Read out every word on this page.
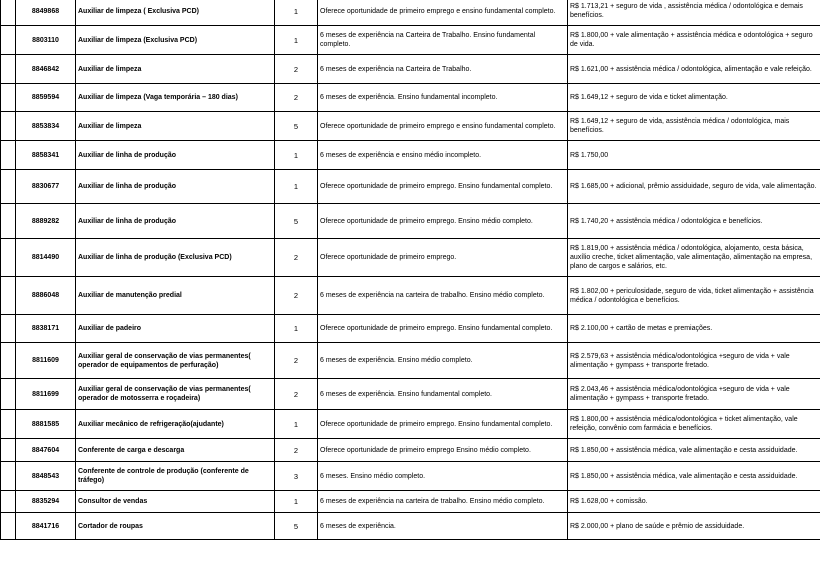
	8849868	Auxiliar de limpeza ( Exclusiva PCD)	1	Oferece oportunidade de primeiro emprego e ensino fundamental completo.	R$ 1.713,21 + seguro de vida , assistência médica / odontológica e demais benefícios.
	8803110	Auxiliar de limpeza (Exclusiva PCD)	1	6 meses de experiência na Carteira de Trabalho. Ensino fundamental completo.	R$ 1.800,00 + vale alimentação + assistência médica e odontológica + seguro de vida.
	8846842	Auxiliar de limpeza	2	6 meses de experiência na Carteira de Trabalho.	R$ 1.621,00 + assistência médica / odontológica, alimentação e vale refeição.
	8859594	Auxiliar de limpeza (Vaga temporária – 180 dias)	2	6 meses de experiência. Ensino fundamental incompleto.	R$ 1.649,12 + seguro de vida e ticket alimentação.
	8853834	Auxiliar de limpeza	5	Oferece oportunidade de primeiro emprego e ensino fundamental completo.	R$ 1.649,12 + seguro de vida, assistência médica / odontológica, mais benefícios.
	8858341	Auxiliar de linha de produção	1	6 meses de experiência e ensino médio incompleto.	R$ 1.750,00
	8830677	Auxiliar de linha de produção	1	Oferece oportunidade de primeiro emprego. Ensino fundamental completo.	R$ 1.685,00 + adicional, prêmio assiduidade, seguro de vida, vale alimentação.
	8889282	Auxiliar de linha de produção	5	Oferece oportunidade de primeiro emprego. Ensino médio completo.	R$ 1.740,20 + assistência médica / odontológica e benefícios.
	8814490	Auxiliar de linha de produção (Exclusiva PCD)	2	Oferece oportunidade de primeiro emprego.	R$ 1.819,00 + assistência médica / odontológica, alojamento, cesta básica, auxílio creche, ticket alimentação, vale alimentação, alimentação na empresa, plano de cargos e salários, etc.
	8886048	Auxiliar de manutenção predial	2	6 meses de experiência na carteira de trabalho. Ensino médio completo.	R$ 1.802,00 + periculosidade, seguro de vida, ticket alimentação + assistência médica / odontológica e benefícios.
	8838171	Auxiliar de padeiro	1	Oferece oportunidade de primeiro emprego. Ensino fundamental completo.	R$ 2.100,00 + cartão de metas e premiações.
	8811609	Auxiliar geral de conservação de vias permanentes( operador de equipamentos de perfuração)	2	6 meses de experiência. Ensino médio completo.	R$ 2.579,63 + assistência médica/odontológica +seguro de vida + vale alimentação + gympass + transporte fretado.
	8811699	Auxiliar geral de conservação de vias permanentes( operador de motosserra e roçadeira)	2	6 meses de experiência. Ensino fundamental completo.	R$ 2.043,46 + assistência médica/odontológica +seguro de vida + vale alimentação + gympass + transporte fretado.
	8881585	Auxiliar mecânico de refrigeração(ajudante)	1	Oferece oportunidade de primeiro emprego. Ensino fundamental completo.	R$ 1.800,00 + assistência médica/odontológica + ticket alimentação, vale refeição, convênio com farmácia e benefícios.
	8847604	Conferente de carga e descarga	2	Oferece oportunidade de primeiro emprego Ensino médio completo.	R$ 1.850,00 + assistência médica, vale alimentação e cesta assiduidade.
	8848543	Conferente de controle de produção (conferente de tráfego)	3	6 meses. Ensino médio completo.	R$ 1.850,00 + assistência médica, vale alimentação e cesta assiduidade.
	8835294	Consultor de vendas	1	6 meses de experiência na carteira de trabalho. Ensino médio completo.	R$ 1.628,00 + comissão.
	8841716	Cortador de roupas	5	6 meses de experiência.	R$ 2.000,00 + plano de saúde e prêmio de assiduidade.
